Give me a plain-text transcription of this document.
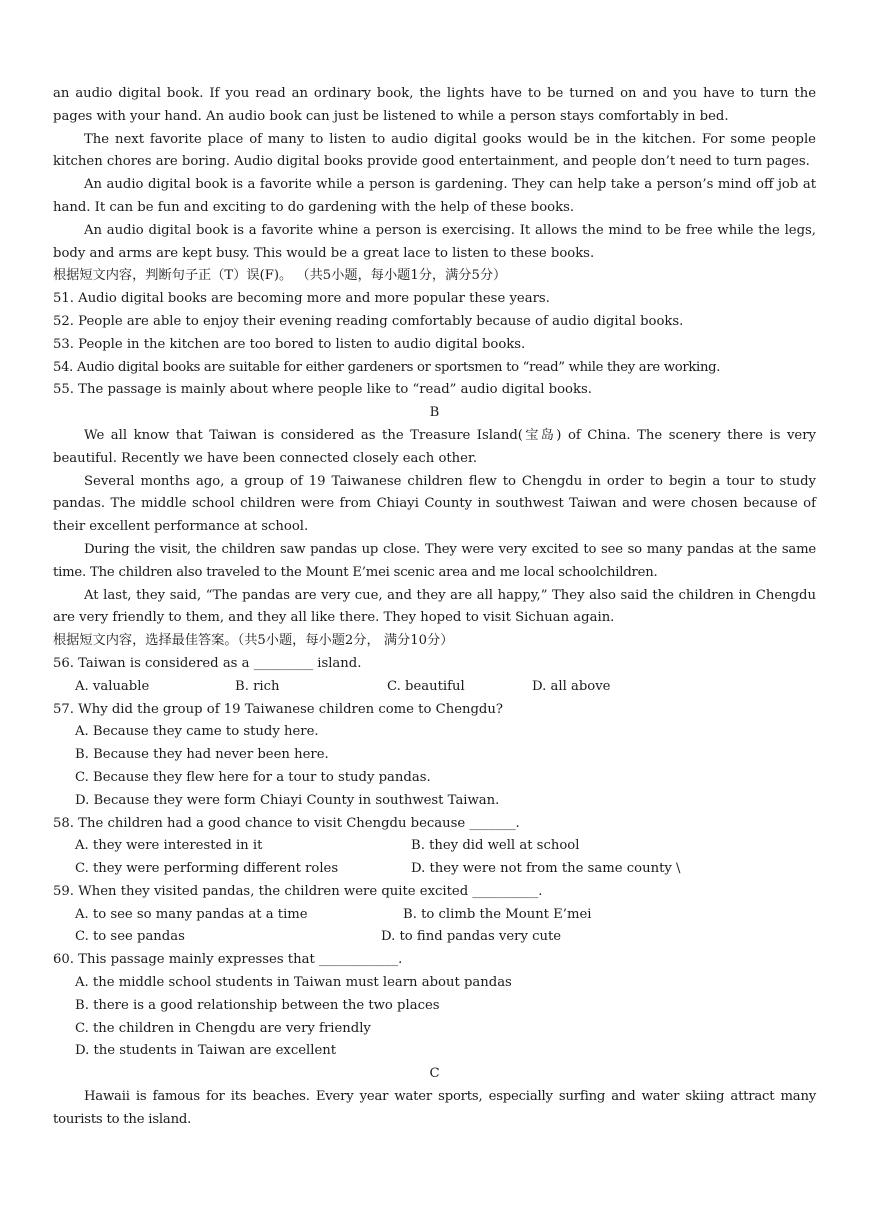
an audio digital book. If you read an ordinary book, the lights have to be turned on and you have to turn the pages with your hand. An audio book can just be listened to while a person stays comfortably in bed.

The next favorite place of many to listen to audio digital gooks would be in the kitchen. For some people kitchen chores are boring. Audio digital books provide good entertainment, and people don’t need to turn pages.

An audio digital book is a favorite while a person is gardening. They can help take a person’s mind off job at hand. It can be fun and exciting to do gardening with the help of these books.

An audio digital book is a favorite whine a person is exercising. It allows the mind to be free while the legs, body and arms are kept busy. This would be a great lace to listen to these books.

根据短文内容，判断句子正（T）误(F)。 （共5小题，每小题1分，满分5分）

51. Audio digital books are becoming more and more popular these years.

52. People are able to enjoy their evening reading comfortably because of audio digital books.

53. People in the kitchen are too bored to listen to audio digital books.

54. Audio digital books are suitable for either gardeners or sportsmen to “read” while they are working.

55. The passage is mainly about where people like to “read” audio digital books.

B

We all know that Taiwan is considered as the Treasure Island(宝岛) of China. The scenery there is very beautiful. Recently we have been connected closely each other.

Several months ago, a group of 19 Taiwanese children flew to Chengdu in order to begin a tour to study pandas. The middle school children were from Chiayi County in southwest Taiwan and were chosen because of their excellent performance at school.

During the visit, the children saw pandas up close. They were very excited to see so many pandas at the same time. The children also traveled to the Mount E’mei scenic area and me local schoolchildren.

At last, they said, “The pandas are very cue, and they are all happy,” They also said the children in Chengdu are very friendly to them, and they all like there. They hoped to visit Sichuan again.

根据短文内容，选择最佳答案。（共5小题，每小题2分， 满分10分）

56. Taiwan is considered as a _________ island.

A. valuable	B. rich	C. beautiful	D. all above

57. Why did the group of 19 Taiwanese children come to Chengdu?

A. Because they came to study here.

B. Because they had never been here.

C. Because they flew here for a tour to study pandas.

D. Because they were form Chiayi County in southwest Taiwan.

58. The children had a good chance to visit Chengdu because _______.

A. they were interested in it	B. they did well at school
C. they were performing different roles	D. they were not from the same county \

59. When they visited pandas, the children were quite excited __________.

A. to see so many pandas at a time	B. to climb the Mount E’mei
C. to see pandas	D. to find pandas very cute

60. This passage mainly expresses that ____________.

A. the middle school students in Taiwan must learn about pandas

B. there is a good relationship between the two places

C. the children in Chengdu are very friendly

D. the students in Taiwan are excellent

C

Hawaii is famous for its beaches. Every year water sports, especially surfing and water skiing attract many tourists to the island.
